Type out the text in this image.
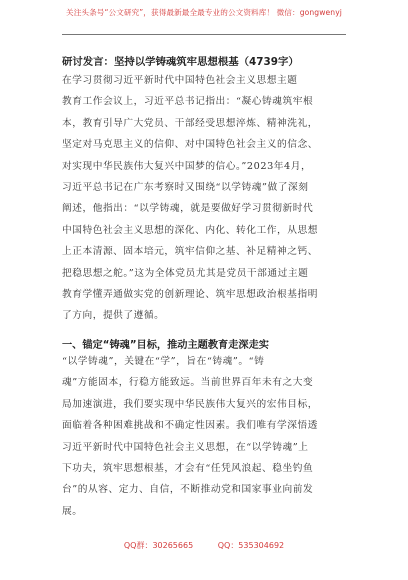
关注头条号“公文研究”，获得最新最全最专业的公文资料库！ 微信：gongwenyj
研讨发言：坚持以学铸魂筑牢思想根基（4739字）
在学习贯彻习近平新时代中国特色社会主义思想主题
教育工作会议上，习近平总书记指出：“凝心铸魂筑牢根
本，教育引导广大党员、干部经受思想淬炼、精神洗礼，
坚定对马克思主义的信仰、对中国特色社会主义的信念、
对实现中华民族伟大复兴中国梦的信心。”2023年4月，
习近平总书记在广东考察时又围绕“以学铸魂”做了深刻
阐述，他指出：“以学铸魂，就是要做好学习贯彻新时代
中国特色社会主义思想的深化、内化、转化工作，从思想
上正本清源、固本培元，筑牢信仰之基、补足精神之钙、
把稳思想之舵。”这为全体党员尤其是党员干部通过主题
教育学懂弄通做实党的创新理论、筑牢思想政治根基指明
了方向，提供了遵循。
一、锚定“铸魂”目标，推动主题教育走深走实
“以学铸魂”，关键在“学”，旨在“铸魂”。“铸
魂”方能固本，行稳方能致远。当前世界百年未有之大变
局加速演进，我们要实现中华民族伟大复兴的宏伟目标，
面临着各种困难挑战和不确定性因素。我们唯有学深悟透
习近平新时代中国特色社会主义思想，在“以学铸魂”上
下功夫，筑牢思想根基，才会有“任凭风浪起、稳坐钓鱼
台”的从容、定力、自信，不断推动党和国家事业向前发
展。
QQ群：30265665	QQ：535304692
